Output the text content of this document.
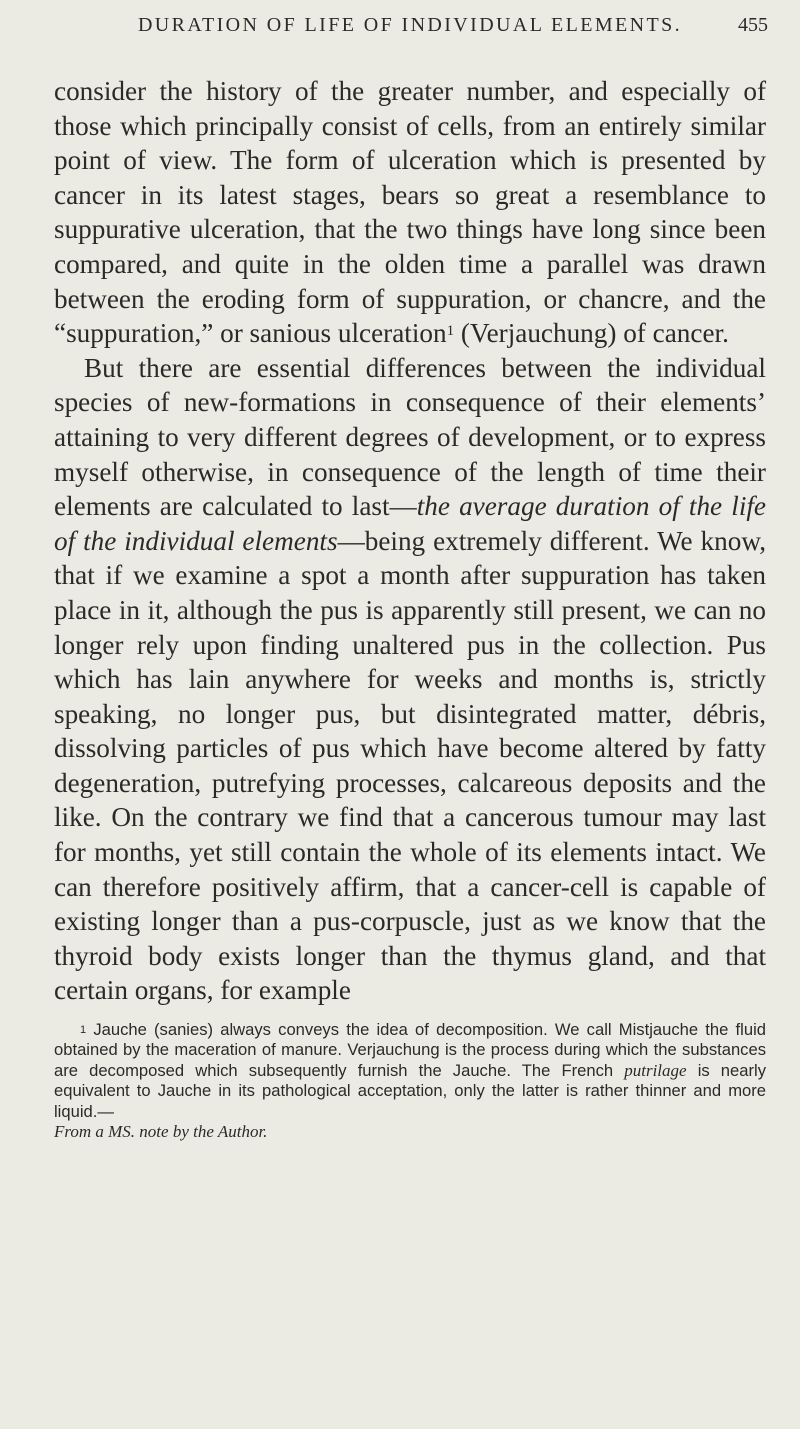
DURATION OF LIFE OF INDIVIDUAL ELEMENTS.	455

consider the history of the greater number, and especially of those which principally consist of cells, from an entirely similar point of view. The form of ulceration which is presented by cancer in its latest stages, bears so great a resemblance to suppurative ulceration, that the two things have long since been compared, and quite in the olden time a parallel was drawn between the eroding form of suppuration, or chancre, and the “suppuration,” or sanious ulceration$^1$ (Verjauchung) of cancer.

But there are essential differences between the individual species of new-formations in consequence of their elements’ attaining to very different degrees of development, or to express myself otherwise, in consequence of the length of time their elements are calculated to last—the average duration of the life of the individual elements—being extremely different. We know, that if we examine a spot a month after suppuration has taken place in it, although the pus is apparently still present, we can no longer rely upon finding unaltered pus in the collection. Pus which has lain anywhere for weeks and months is, strictly speaking, no longer pus, but disintegrated matter, débris, dissolving particles of pus which have become altered by fatty degeneration, putrefying processes, calcareous deposits and the like. On the contrary we find that a cancerous tumour may last for months, yet still contain the whole of its elements intact. We can therefore positively affirm, that a cancer-cell is capable of existing longer than a pus-corpuscle, just as we know that the thyroid body exists longer than the thymus gland, and that certain organs, for example

$^1$ Jauche (sanies) always conveys the idea of decomposition. We call Mistjauche the fluid obtained by the maceration of manure. Verjauchung is the process during which the substances are decomposed which subsequently furnish the Jauche. The French putrilage is nearly equivalent to Jauche in its pathological acceptation, only the latter is rather thinner and more liquid.—
From a MS. note by the Author.
